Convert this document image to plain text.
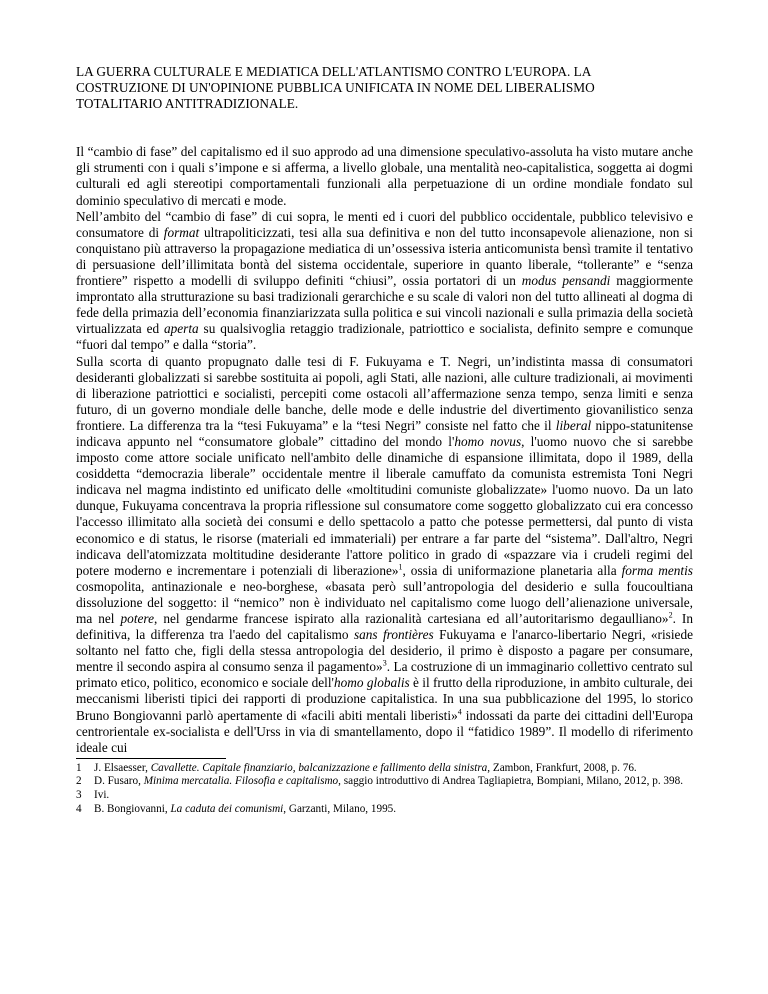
LA GUERRA CULTURALE E MEDIATICA DELL'ATLANTISMO CONTRO L'EUROPA. LA
COSTRUZIONE DI UN'OPINIONE PUBBLICA UNIFICATA IN NOME DEL LIBERALISMO
TOTALITARIO ANTITRADIZIONALE.

Il “cambio di fase” del capitalismo ed il suo approdo ad una dimensione speculativo-assoluta ha visto mutare anche gli strumenti con i quali s’impone e si afferma, a livello globale, una mentalità neo-capitalistica, soggetta ai dogmi culturali ed agli stereotipi comportamentali funzionali alla perpetuazione di un ordine mondiale fondato sul dominio speculativo di mercati e mode.

Nell’ambito del “cambio di fase” di cui sopra, le menti ed i cuori del pubblico occidentale, pubblico televisivo e consumatore di format ultrapoliticizzati, tesi alla sua definitiva e non del tutto inconsapevole alienazione, non si conquistano più attraverso la propagazione mediatica di un’ossessiva isteria anticomunista bensì tramite il tentativo di persuasione dell’illimitata bontà del sistema occidentale, superiore in quanto liberale, “tollerante” e “senza frontiere” rispetto a modelli di sviluppo definiti “chiusi”, ossia portatori di un modus pensandi maggiormente improntato alla strutturazione su basi tradizionali gerarchiche e su scale di valori non del tutto allineati al dogma di fede della primazia dell’economia finanziarizzata sulla politica e sui vincoli nazionali e sulla primazia della società virtualizzata ed aperta su qualsivoglia retaggio tradizionale, patriottico e socialista, definito sempre e comunque “fuori dal tempo” e dalla “storia”.

Sulla scorta di quanto propugnato dalle tesi di F. Fukuyama e T. Negri, un’indistinta massa di consumatori desideranti globalizzati si sarebbe sostituita ai popoli, agli Stati, alle nazioni, alle culture tradizionali, ai movimenti di liberazione patriottici e socialisti, percepiti come ostacoli all’affermazione senza tempo, senza limiti e senza futuro, di un governo mondiale delle banche, delle mode e delle industrie del divertimento giovanilistico senza frontiere. La differenza tra la “tesi Fukuyama” e la “tesi Negri” consiste nel fatto che il liberal nippo-statunitense indicava appunto nel “consumatore globale” cittadino del mondo l'homo novus, l'uomo nuovo che si sarebbe imposto come attore sociale unificato nell'ambito delle dinamiche di espansione illimitata, dopo il 1989, della cosiddetta “democrazia liberale” occidentale mentre il liberale camuffato da comunista estremista Toni Negri indicava nel magma indistinto ed unificato delle «moltitudini comuniste globalizzate» l'uomo nuovo. Da un lato dunque, Fukuyama concentrava la propria riflessione sul consumatore come soggetto globalizzato cui era concesso l'accesso illimitato alla società dei consumi e dello spettacolo a patto che potesse permettersi, dal punto di vista economico e di status, le risorse (materiali ed immateriali) per entrare a far parte del “sistema”. Dall'altro, Negri indicava dell'atomizzata moltitudine desiderante l'attore politico in grado di «spazzare via i crudeli regimi del potere moderno e incrementare i potenziali di liberazione»$^1$, ossia di uniformazione planetaria alla forma mentis cosmopolita, antinazionale e neo-borghese, «basata però sull’antropologia del desiderio e sulla foucoultiana dissoluzione del soggetto: il “nemico” non è individuato nel capitalismo come luogo dell’alienazione universale, ma nel potere, nel gendarme francese ispirato alla razionalità cartesiana ed all’autoritarismo degaulliano»$^2$. In definitiva, la differenza tra l'aedo del capitalismo sans frontières Fukuyama e l'anarco-libertario Negri, «risiede soltanto nel fatto che, figli della stessa antropologia del desiderio, il primo è disposto a pagare per consumare, mentre il secondo aspira al consumo senza il pagamento»$^3$. La costruzione di un immaginario collettivo centrato sul primato etico, politico, economico e sociale dell'homo globalis è il frutto della riproduzione, in ambito culturale, dei meccanismi liberisti tipici dei rapporti di produzione capitalistica. In una sua pubblicazione del 1995, lo storico Bruno Bongiovanni parlò apertamente di «facili abiti mentali liberisti»$^4$ indossati da parte dei cittadini dell'Europa centrorientale ex-socialista e dell'Urss in via di smantellamento, dopo il “fatidico 1989”. Il modello di riferimento ideale cui

1	J. Elsaesser, Cavallette. Capitale finanziario, balcanizzazione e fallimento della sinistra, Zambon, Frankfurt, 2008, p. 76.
2	D. Fusaro, Minima mercatalia. Filosofia e capitalismo, saggio introduttivo di Andrea Tagliapietra, Bompiani, Milano, 2012, p. 398.
3	Ivi.
4	B. Bongiovanni, La caduta dei comunismi, Garzanti, Milano, 1995.
